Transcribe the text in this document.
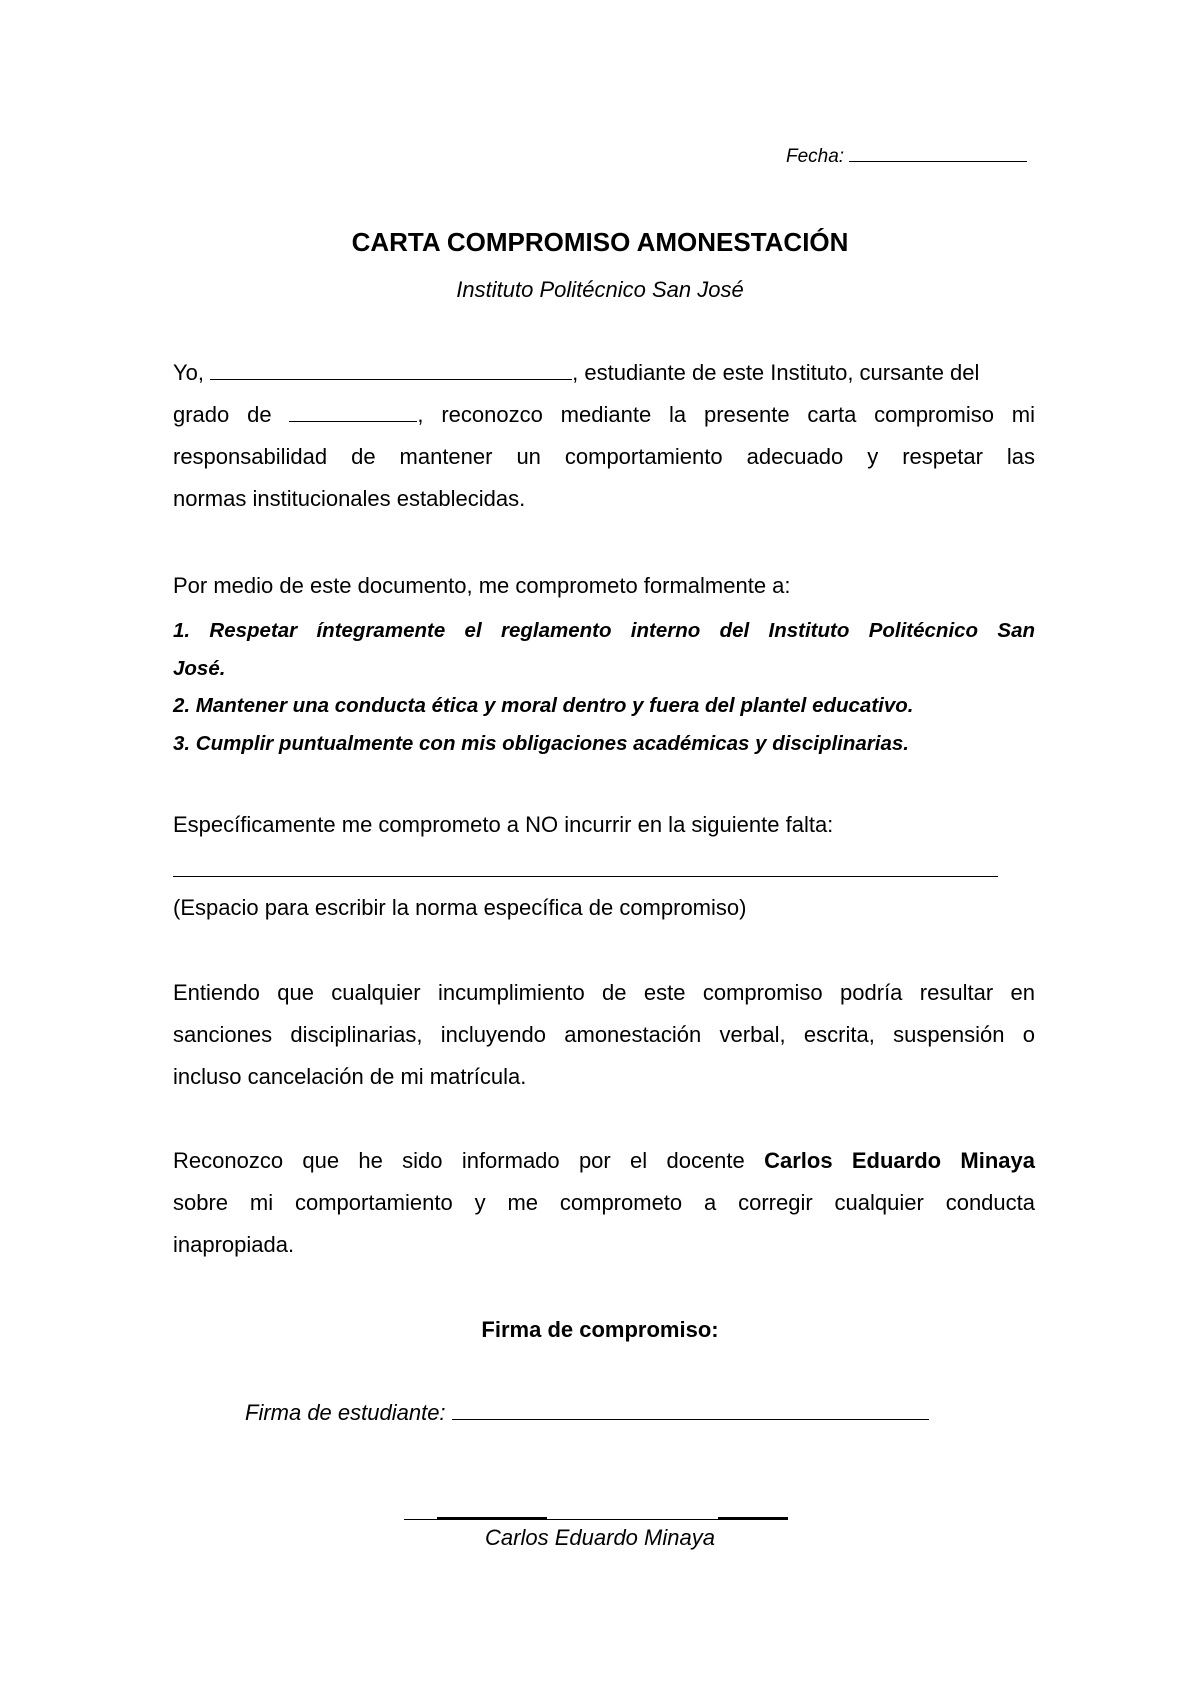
Fecha:
CARTA COMPROMISO AMONESTACIÓN
Instituto Politécnico San José
Yo,	, estudiante de este Instituto, cursante del
grado de	, reconozco mediante la presente carta compromiso mi
responsabilidad de mantener un comportamiento adecuado y respetar las
normas institucionales establecidas.
Por medio de este documento, me comprometo formalmente a:
1. Respetar íntegramente el reglamento interno del Instituto Politécnico San
José.
2. Mantener una conducta ética y moral dentro y fuera del plantel educativo.
3. Cumplir puntualmente con mis obligaciones académicas y disciplinarias.
Específicamente me comprometo a NO incurrir en la siguiente falta:
(Espacio para escribir la norma específica de compromiso)
Entiendo que cualquier incumplimiento de este compromiso podría resultar en
sanciones disciplinarias, incluyendo amonestación verbal, escrita, suspensión o
incluso cancelación de mi matrícula.
Reconozco que he sido informado por el docente Carlos Eduardo Minaya
sobre mi comportamiento y me comprometo a corregir cualquier conducta
inapropiada.
Firma de compromiso:
Firma de estudiante:
Carlos Eduardo Minaya
